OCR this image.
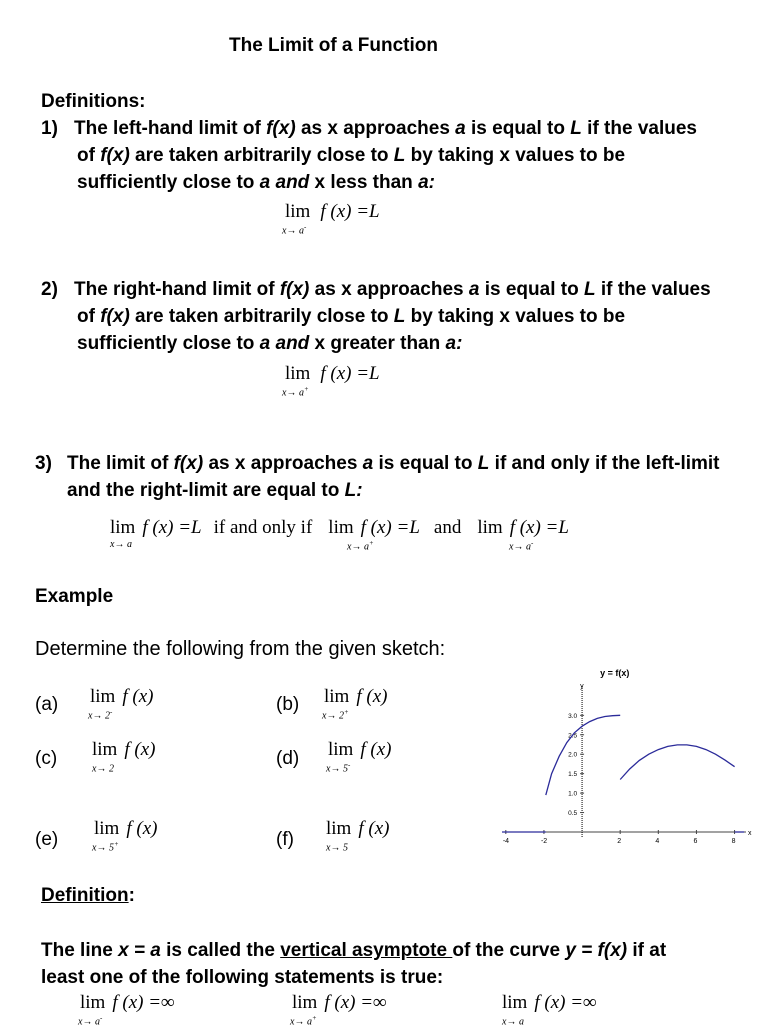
The Limit of a Function
Definitions:
1) The left-hand limit of f(x) as x approaches a is equal to L if the values
of f(x) are taken arbitrarily close to L by taking x values to be
sufficiently close to a and x less than a:
lim
x→ a-
f (x) =L
2) The right-hand limit of f(x) as x approaches a is equal to L if the values
of f(x) are taken arbitrarily close to L by taking x values to be
sufficiently close to a and x greater than a:
lim
x→ a+
f (x) =L
3) The limit of f(x) as x approaches a is equal to L if and only if the left-limit
and the right-limit are equal to L:
lim
x→ a
f (x) =L if and only if lim
x→ a+
f (x) =L and lim
x→ a-
f (x) =L
Example
Determine the following from the given sketch:
(a) lim
x→ 2-
f (x)	(b) lim
x→ 2+
f (x)
(c) lim
x→ 2
f (x)	(d) lim
x→ 5-
f (x)
(e)
lim
x→ 5+
f (x)
(f)
lim
x→ 5
f (x)
y = f(x)
y
x
-4	-2	2	4	6	8
0.5
1.0
1.5
2.0
2.5
3.0
Definition:
The line x = a is called the vertical asymptote of the curve y = f(x) if at
least one of the following statements is true:
lim
x→ a-
f (x) =∞	lim
x→ a+
f (x) =∞	lim
x→ a
f (x) =∞
